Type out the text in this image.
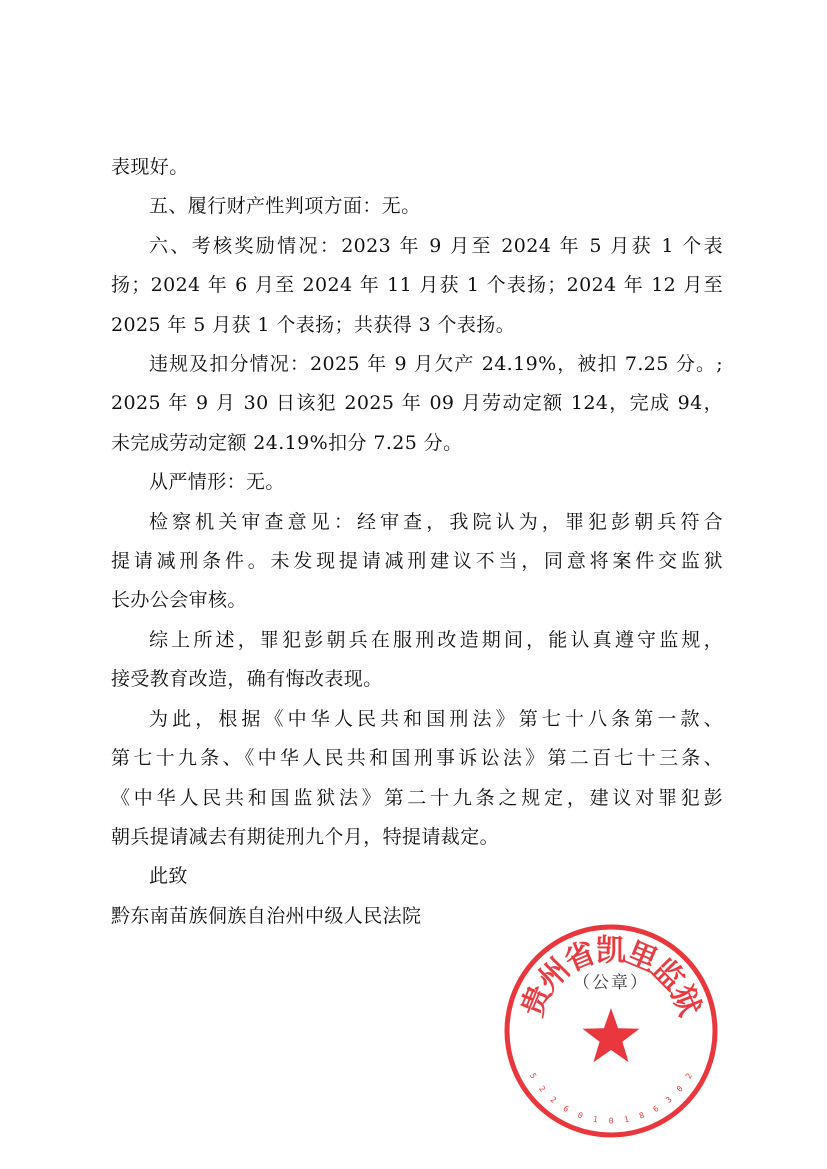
表现好。
五、履行财产性判项方面：无。
六、考核奖励情况：2023 年 9 月至 2024 年 5 月获 1 个表
扬；2024 年 6 月至 2024 年 11 月获 1 个表扬；2024 年 12 月至
2025 年 5 月获 1 个表扬；共获得 3 个表扬。
违规及扣分情况：2025 年 9 月欠产 24.19%，被扣 7.25 分。;
2025 年 9 月 30 日该犯 2025 年 09 月劳动定额 124，完成 94，
未完成劳动定额 24.19%扣分 7.25 分。
从严情形：无。
检察机关审查意见：经审查，我院认为，罪犯彭朝兵符合
提请减刑条件。未发现提请减刑建议不当，同意将案件交监狱
长办公会审核。
综上所述，罪犯彭朝兵在服刑改造期间，能认真遵守监规，
接受教育改造，确有悔改表现。
为此，根据《中华人民共和国刑法》第七十八条第一款、
第七十九条、《中华人民共和国刑事诉讼法》第二百七十三条、
《中华人民共和国监狱法》第二十九条之规定，建议对罪犯彭
朝兵提请减去有期徒刑九个月，特提请裁定。
此致
黔东南苗族侗族自治州中级人民法院
贵
州
省
凯
里
监
狱
5
2
2
6
0 1 0 1 8
6
3
0
2
（公章）
